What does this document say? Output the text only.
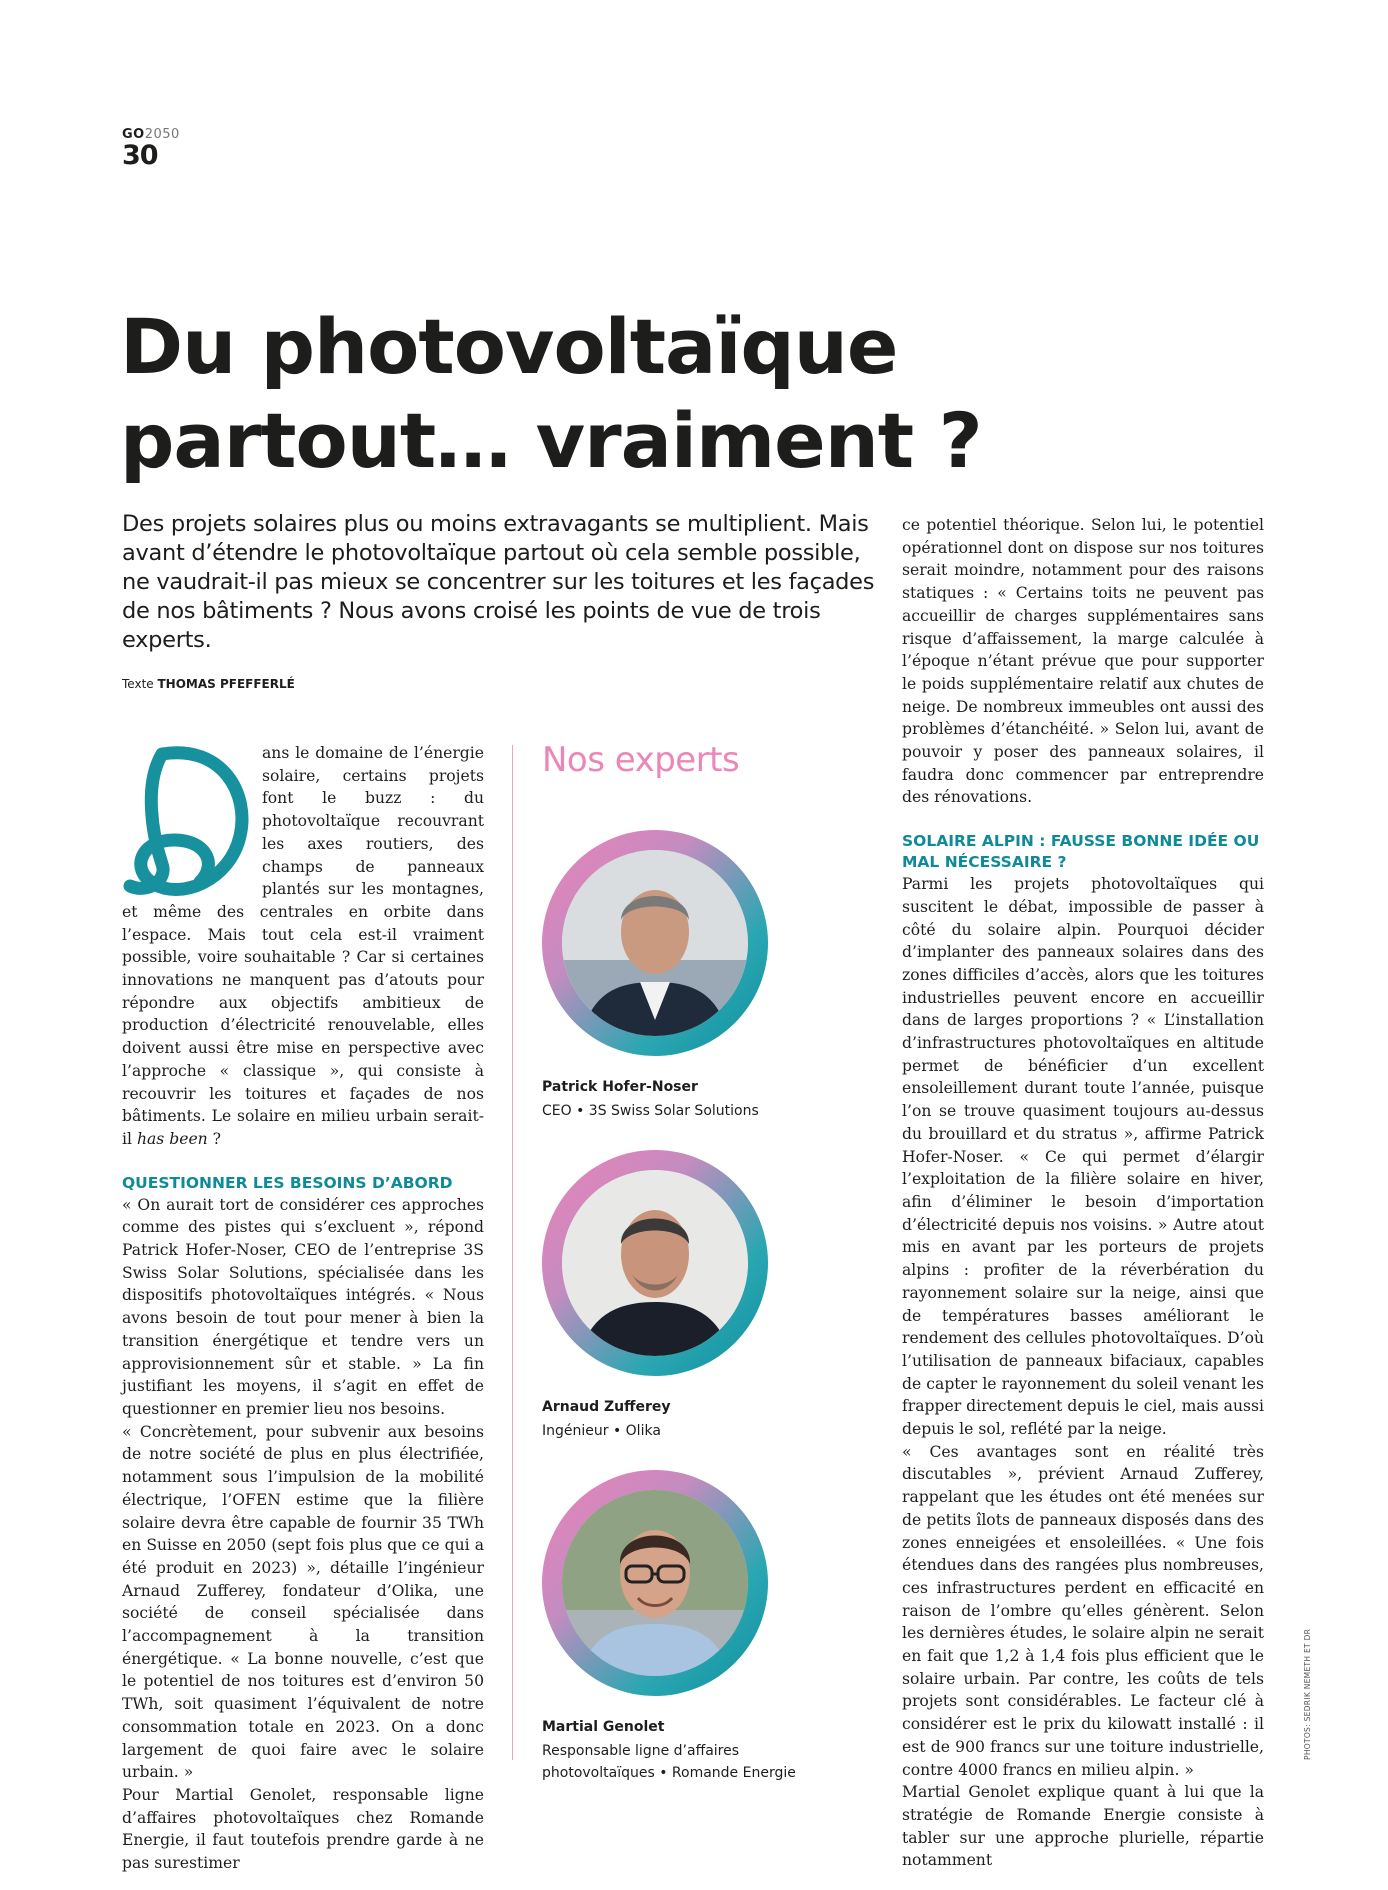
GO2050
30
Du photovoltaïque
partout… vraiment ?
Des projets solaires plus ou moins extravagants se multiplient. Mais avant d’étendre le photovoltaïque partout où cela semble possible, ne vaudrait-il pas mieux se concentrer sur les toitures et les façades de nos bâtiments ? Nous avons croisé les points de vue de trois experts.
Texte THOMAS PFEFFERLÉ

ans le domaine de l’énergie solaire, certains projets font le buzz : du photovoltaïque recouvrant les axes routiers, des champs de panneaux plantés sur les montagnes, et même des centrales en orbite dans l’espace. Mais tout cela est-il vraiment possible, voire souhaitable ? Car si certaines innovations ne manquent pas d’atouts pour répondre aux objectifs ambitieux de production d’électricité renouvelable, elles doivent aussi être mise en perspective avec l’approche « classique », qui consiste à recouvrir les toitures et façades de nos bâtiments. Le solaire en milieu urbain serait-il has been ?

QUESTIONNER LES BESOINS D’ABORD

« On aurait tort de considérer ces approches comme des pistes qui s’excluent », répond Patrick Hofer-Noser, CEO de l’entreprise 3S Swiss Solar Solutions, spécialisée dans les dispositifs photovoltaïques intégrés. « Nous avons besoin de tout pour mener à bien la transition énergétique et tendre vers un approvisionnement sûr et stable. » La fin justifiant les moyens, il s’agit en effet de questionner en premier lieu nos besoins.

« Concrètement, pour subvenir aux besoins de notre société de plus en plus électrifiée, notamment sous l’impulsion de la mobilité électrique, l’OFEN estime que la filière solaire devra être capable de fournir 35 TWh en Suisse en 2050 (sept fois plus que ce qui a été produit en 2023) », détaille l’ingénieur Arnaud Zufferey, fondateur d’Olika, une société de conseil spécialisée dans l’accompagnement à la transition énergétique. « La bonne nouvelle, c’est que le potentiel de nos toitures est d’environ 50 TWh, soit quasiment l’équivalent de notre consommation totale en 2023. On a donc largement de quoi faire avec le solaire urbain. »

Pour Martial Genolet, responsable ligne d’affaires photovoltaïques chez Romande Energie, il faut toutefois prendre garde à ne pas surestimer

Nos experts
Patrick Hofer-Noser
CEO • 3S Swiss Solar Solutions
Arnaud Zufferey
Ingénieur • Olika
Martial Genolet
Responsable ligne d’affaires
photovoltaïques • Romande Energie

ce potentiel théorique. Selon lui, le potentiel opérationnel dont on dispose sur nos toitures serait moindre, notamment pour des raisons statiques : « Certains toits ne peuvent pas accueillir de charges supplémentaires sans risque d’affaissement, la marge calculée à l’époque n’étant prévue que pour supporter le poids supplémentaire relatif aux chutes de neige. De nombreux immeubles ont aussi des problèmes d’étanchéité. » Selon lui, avant de pouvoir y poser des panneaux solaires, il faudra donc commencer par entreprendre des rénovations.

SOLAIRE ALPIN : FAUSSE BONNE IDÉE OU MAL NÉCESSAIRE ?

Parmi les projets photovoltaïques qui suscitent le débat, impossible de passer à côté du solaire alpin. Pourquoi décider d’implanter des panneaux solaires dans des zones difficiles d’accès, alors que les toitures industrielles peuvent encore en accueillir dans de larges proportions ? « L’installation d’infrastructures photovoltaïques en altitude permet de bénéficier d’un excellent ensoleillement durant toute l’année, puisque l’on se trouve quasiment toujours au-dessus du brouillard et du stratus », affirme Patrick Hofer-Noser. « Ce qui permet d’élargir l’exploitation de la filière solaire en hiver, afin d’éliminer le besoin d’importation d’électricité depuis nos voisins. » Autre atout mis en avant par les porteurs de projets alpins : profiter de la réverbération du rayonnement solaire sur la neige, ainsi que de températures basses améliorant le rendement des cellules photovoltaïques. D’où l’utilisation de panneaux bifaciaux, capables de capter le rayonnement du soleil venant les frapper directement depuis le ciel, mais aussi depuis le sol, reflété par la neige.

« Ces avantages sont en réalité très discutables », prévient Arnaud Zufferey, rappelant que les études ont été menées sur de petits îlots de panneaux disposés dans des zones enneigées et ensoleillées. « Une fois étendues dans des rangées plus nombreuses, ces infrastructures perdent en efficacité en raison de l’ombre qu’elles génèrent. Selon les dernières études, le solaire alpin ne serait en fait que 1,2 à 1,4 fois plus efficient que le solaire urbain. Par contre, les coûts de tels projets sont considérables. Le facteur clé à considérer est le prix du kilowatt installé : il est de 900 francs sur une toiture industrielle, contre 4000 francs en milieu alpin. »

Martial Genolet explique quant à lui que la stratégie de Romande Energie consiste à tabler sur une approche plurielle, répartie notamment

PHOTOS: SEDRIK NEMETH ET DR
